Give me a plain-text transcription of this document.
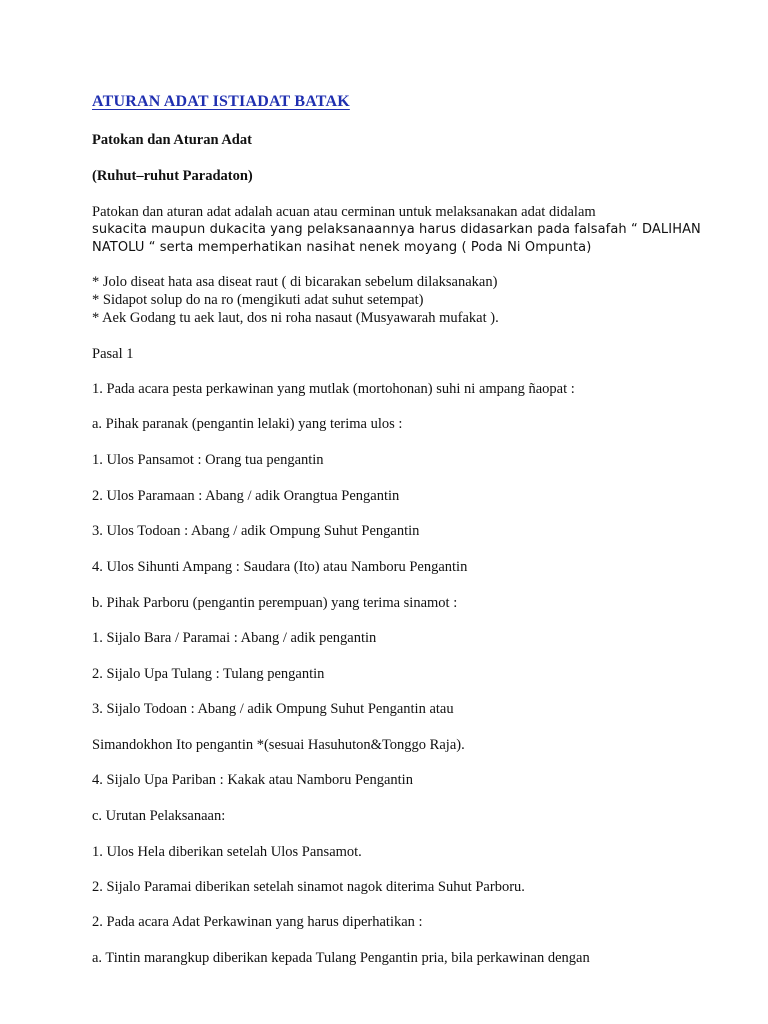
ATURAN ADAT ISTIADAT BATAK

Patokan dan Aturan Adat

(Ruhut–ruhut Paradaton)

Patokan dan aturan adat adalah acuan atau cerminan untuk melaksanakan adat didalam

sukacita maupun dukacita yang pelaksanaannya harus didasarkan pada falsafah “ DALIHAN

NATOLU “ serta memperhatikan nasihat nenek moyang ( Poda Ni Ompunta)

* Jolo diseat hata asa diseat raut ( di bicarakan sebelum dilaksanakan)

* Sidapot solup do na ro (mengikuti adat suhut setempat)

* Aek Godang tu aek laut, dos ni roha nasaut (Musyawarah mufakat ).

Pasal 1

1. Pada acara pesta perkawinan yang mutlak (mortohonan) suhi ni ampang ñaopat :

a. Pihak paranak (pengantin lelaki) yang terima ulos :

1. Ulos Pansamot : Orang tua pengantin

2. Ulos Paramaan : Abang / adik Orangtua Pengantin

3. Ulos Todoan : Abang / adik Ompung Suhut Pengantin

4. Ulos Sihunti Ampang : Saudara (Ito) atau Namboru Pengantin

b. Pihak Parboru (pengantin perempuan) yang terima sinamot :

1. Sijalo Bara / Paramai : Abang / adik pengantin

2. Sijalo Upa Tulang : Tulang pengantin

3. Sijalo Todoan : Abang / adik Ompung Suhut Pengantin atau

Simandokhon Ito pengantin *(sesuai Hasuhuton&Tonggo Raja).

4. Sijalo Upa Pariban : Kakak atau Namboru Pengantin

c. Urutan Pelaksanaan:

1. Ulos Hela diberikan setelah Ulos Pansamot.

2. Sijalo Paramai diberikan setelah sinamot nagok diterima Suhut Parboru.

2. Pada acara Adat Perkawinan yang harus diperhatikan :

a. Tintin marangkup diberikan kepada Tulang Pengantin pria, bila perkawinan dengan
